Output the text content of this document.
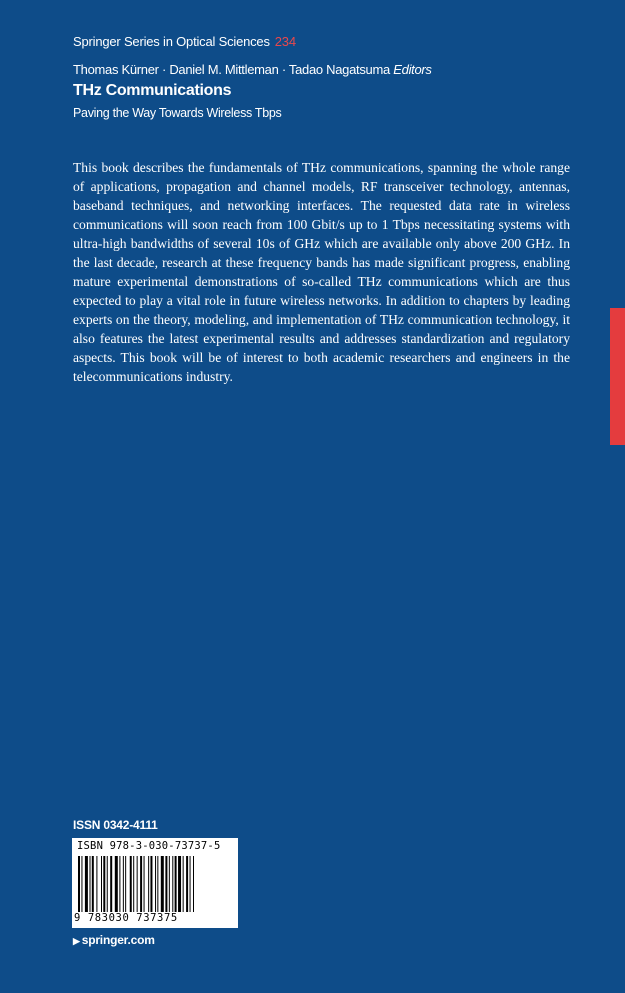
Springer Series in Optical Sciences 234
Thomas Kürner · Daniel M. Mittleman · Tadao Nagatsuma Editors
THz Communications
Paving the Way Towards Wireless Tbps

This book describes the fundamentals of THz communications, spanning the whole range of applications, propagation and channel models, RF transceiver technology, antennas, baseband techniques, and networking interfaces. The requested data rate in wireless communications will soon reach from 100 Gbit/s up to 1 Tbps necessitating systems with ultra-high bandwidths of several 10s of GHz which are available only above 200 GHz. In the last decade, research at these frequency bands has made significant progress, enabling mature experimental demonstrations of so-called THz communications which are thus expected to play a vital role in future wireless networks. In addition to chapters by leading experts on the theory, modeling, and implementation of THz communication technology, it also features the latest experimental results and addresses standardization and regulatory aspects. This book will be of interest to both academic researchers and engineers in the telecommunications industry.

ISSN 0342-4111
ISBN 978-3-030-73737-5
9 783030 737375
▶ springer.com
